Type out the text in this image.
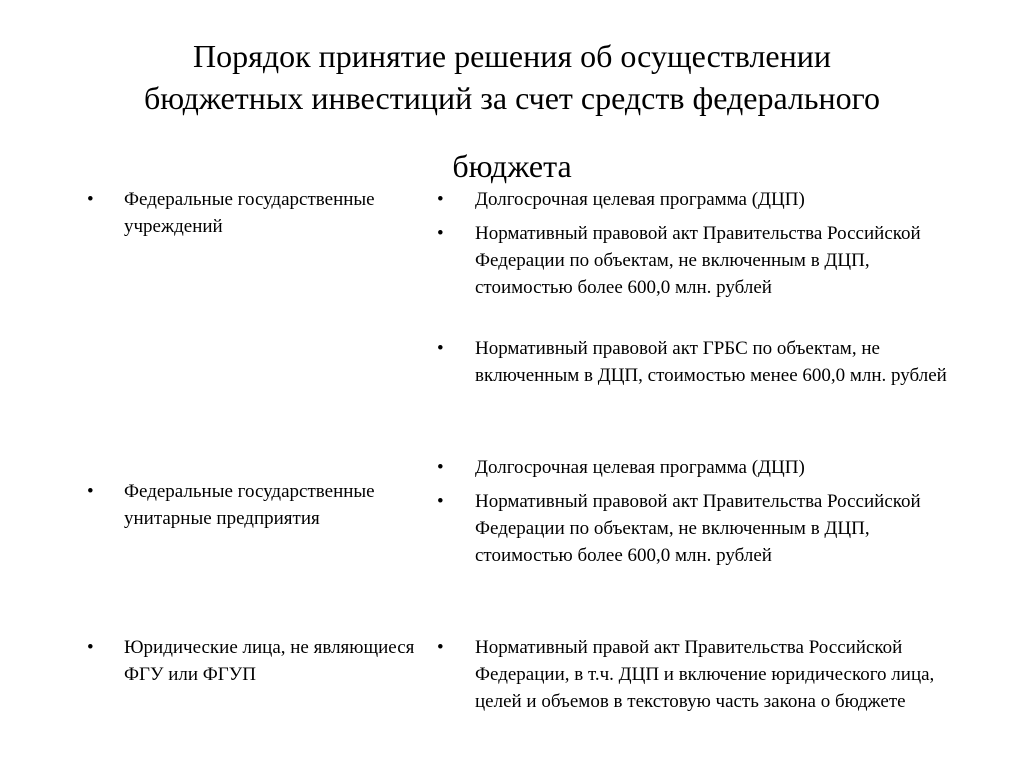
Порядок принятие решения об осуществлении
бюджетных инвестиций за счет средств федерального
бюджета
• Федеральные государственные учреждений
• Федеральные государственные унитарные предприятия
• Юридические лица, не являющиеся ФГУ или ФГУП
• Долгосрочная целевая программа (ДЦП)
• Нормативный правовой акт Правительства Российской Федерации по объектам, не включенным в ДЦП, стоимостью более 600,0 млн. рублей
• Нормативный правовой акт ГРБС по объектам, не включенным в ДЦП, стоимостью менее 600,0 млн. рублей
• Долгосрочная целевая программа (ДЦП)
• Нормативный правовой акт Правительства Российской Федерации по объектам, не включенным в ДЦП, стоимостью более 600,0 млн. рублей
• Нормативный правой акт Правительства Российской Федерации, в т.ч. ДЦП и включение юридического лица, целей и объемов в текстовую часть закона о бюджете
